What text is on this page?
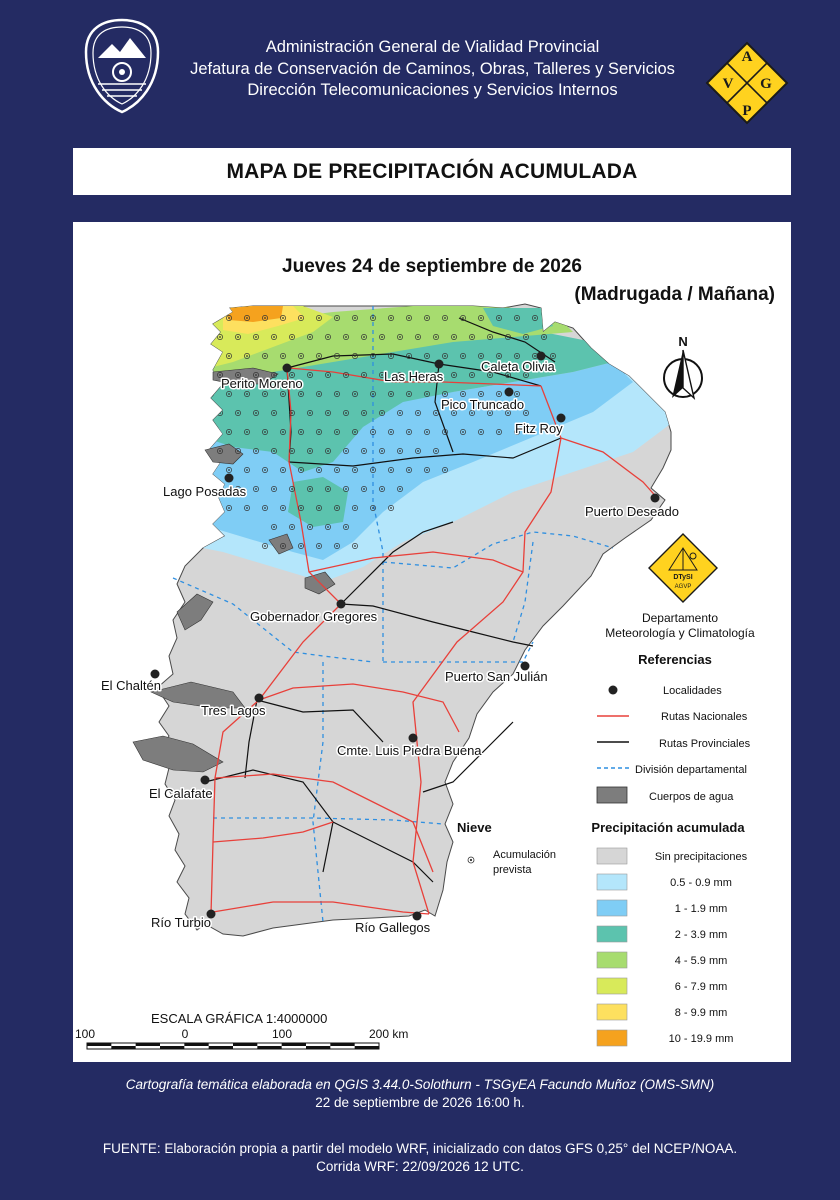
Administración General de Vialidad Provincial
Jefatura de Conservación de Caminos, Obras, Talleres y Servicios
Dirección Telecomunicaciones y Servicios Internos
A
G
V
P
MAPA DE PRECIPITACIÓN ACUMULADA
Jueves 24 de septiembre de 2026
(Madrugada / Mañana)
Perito Moreno	Las Heras
Caleta Olivia
Pico Truncado
Fitz Roy
Lago Posadas
Puerto Deseado
Gobernador Gregores
Puerto San Julián
El Chaltén
Tres Lagos
Cmte. Luis Piedra Buena
El Calafate
Río Turbio	Río Gallegos
N
DTySI
AGVP
Departamento
Meteorología y Climatología
Referencias
Localidades
Rutas Nacionales
Rutas Provinciales
División departamental
Cuerpos de agua
Nieve
Acumulación
prevista
Precipitación acumulada
Sin precipitaciones
0.5 - 0.9 mm
1 - 1.9 mm
2 - 3.9 mm
4 - 5.9 mm
6 - 7.9 mm
8 - 9.9 mm
10 - 19.9 mm
ESCALA GRÁFICA 1:4000000
100	0	100	200 km
Cartografía temática elaborada en QGIS 3.44.0-Solothurn - TSGyEA Facundo Muñoz (OMS-SMN)
22 de septiembre de 2026 16:00 h.
FUENTE: Elaboración propia a partir del modelo WRF, inicializado con datos GFS 0,25° del NCEP/NOAA.
Corrida WRF: 22/09/2026 12 UTC.
